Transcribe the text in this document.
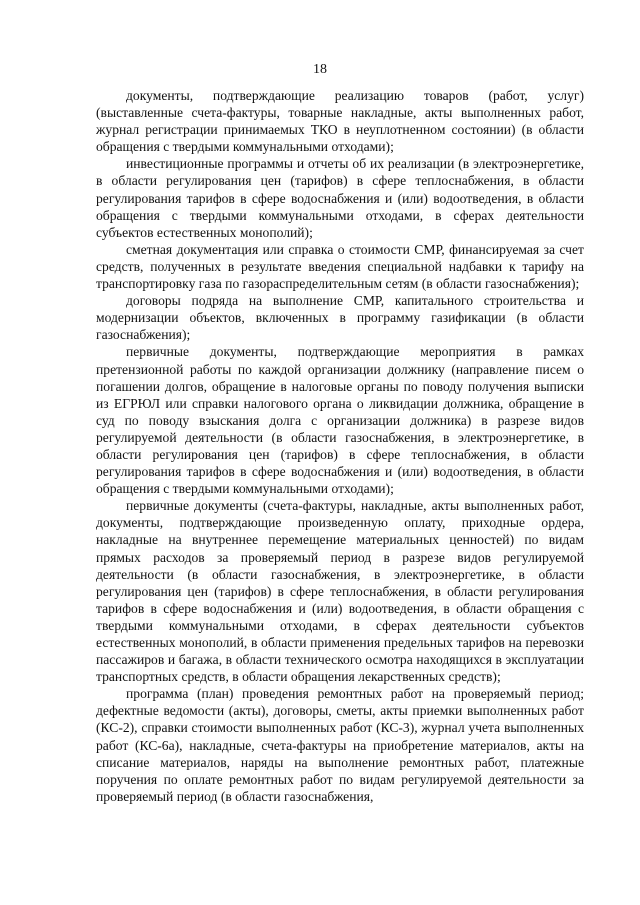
18

документы, подтверждающие реализацию товаров (работ, услуг) (выставленные счета-фактуры, товарные накладные, акты выполненных работ, журнал регистрации принимаемых ТКО в неуплотненном состоянии) (в области обращения с твердыми коммунальными отходами);

инвестиционные программы и отчеты об их реализации (в электроэнергетике, в области регулирования цен (тарифов) в сфере теплоснабжения, в области регулирования тарифов в сфере водоснабжения и (или) водоотведения, в области обращения с твердыми коммунальными отходами, в сферах деятельности субъектов естественных монополий);

сметная документация или справка о стоимости СМР, финансируемая за счет средств, полученных в результате введения специальной надбавки к тарифу на транспортировку газа по газораспределительным сетям (в области газоснабжения);

договоры подряда на выполнение СМР, капитального строительства и модернизации объектов, включенных в программу газификации (в области газоснабжения);

первичные документы, подтверждающие мероприятия в рамках претензионной работы по каждой организации должнику (направление писем о погашении долгов, обращение в налоговые органы по поводу получения выписки из ЕГРЮЛ или справки налогового органа о ликвидации должника, обращение в суд по поводу взыскания долга с организации должника) в разрезе видов регулируемой деятельности (в области газоснабжения, в электроэнергетике, в области регулирования цен (тарифов) в сфере теплоснабжения, в области регулирования тарифов в сфере водоснабжения и (или) водоотведения, в области обращения с твердыми коммунальными отходами);

первичные документы (счета-фактуры, накладные, акты выполненных работ, документы, подтверждающие произведенную оплату, приходные ордера, накладные на внутреннее перемещение материальных ценностей) по видам прямых расходов за проверяемый период в разрезе видов регулируемой деятельности (в области газоснабжения, в электроэнергетике, в области регулирования цен (тарифов) в сфере теплоснабжения, в области регулирования тарифов в сфере водоснабжения и (или) водоотведения, в области обращения с твердыми коммунальными отходами, в сферах деятельности субъектов естественных монополий, в области применения предельных тарифов на перевозки пассажиров и багажа, в области технического осмотра находящихся в эксплуатации транспортных средств, в области обращения лекарственных средств);

программа (план) проведения ремонтных работ на проверяемый период; дефектные ведомости (акты), договоры, сметы, акты приемки выполненных работ (КС-2), справки стоимости выполненных работ (КС-3), журнал учета выполненных работ (КС-6а), накладные, счета-фактуры на приобретение материалов, акты на списание материалов, наряды на выполнение ремонтных работ, платежные поручения по оплате ремонтных работ по видам регулируемой деятельности за проверяемый период (в области газоснабжения,
